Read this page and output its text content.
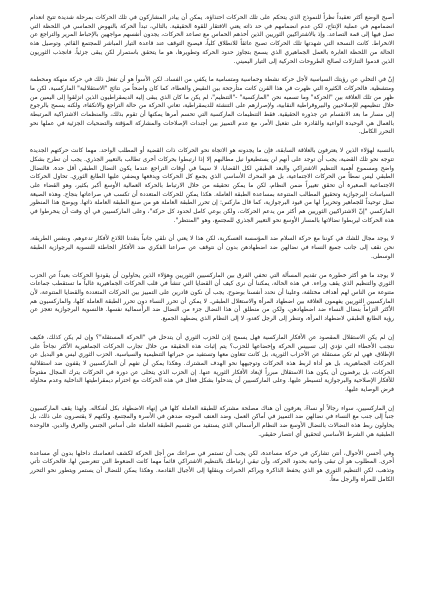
أصبح الوضع أكثر تعقيداً نظراً للنموذج الذي يتحكم على تلك الحركات احتذاؤه. يمكن أن يبادر المشاركون في تلك الحركات بمرحلة شديدة تتيح انعدام انضمامهم في عملية الإنتاج، لكن عدم انضمامهم في حد ذاته يعني الافتقار للقوة الحقيقية. بالتالي، تبدأ الحركة بالنهوض الحماسي في اللحظة التي تصل فيها إلى قمة التصاعد. وإذ بالاشتراكيين الثوريين الذين أخذهم الحماس مع تصاعد الحركات، يجدون أنفسهم مواجهين بالإحباط المرير والتراجع عن الانخراط. كانت النسخة التي شهدتها تلك الحركات تصبح عائقاً للانطلاق كلياً، فيصبح التوقف عند قاعدة التيار المباشر للمجتمع القائم. وتوصيل هذه الحالة من اللحظة العابرة بالعمل الجماهيري الذي يسمح بتجاوز حدود الحركة وتطويرها، هو ما يتحقق باستمرار لكن يبقى جزئياً. فانجذب الثوريون الذين قدموا التنازلات لصالح الطروحات الحركية إلى التيار اليميني.

إنّ في التخلي عن رؤيتك السياسية لأجل حركة نشطة وحماسية ومتسامية ما يكفي من الفساد. لكن الأسوأ هو أن تفعل ذلك في حركة منهكة ومحطمة ومتشظية. فالحركات الكثيرة التي ظهرت في هذا القرن كانت متأرجحة بين النقيض والعطاء، كما كان واضحاً من نتائج "الاستقلالية" الماركسية، لكن ما ظهر من تلك العلاقة بين "الحركة" وما تسميه نحن "الماركسية" -"التنظيم"، لم يكن ما كان الذي يبقى إليه الديمقراطيون الذين انزلقوا إلى اليمين من خلال تنظيمهم للإصلاحيين والبيروقراطية النقابية، ولإصرارهم على التنشئة للديمقراطية، تعاني الحركة من حالة التراجع والانكفاء، ولكنه يسمح بالرجوع إلى مسار ما بعد الانقسام عن جذوره الحقيقية. فقط التنظيمات الماركسية التي تحسم أمرها يمكنها أن تقوم بذلك، والمنظمات الاشتراكية المرتبطة بالعمال هي الوحيدة الواعية والقادرة على تفعيل الأمر، مع عدم التمييز بين أجندات الإصلاحات والمشاركة المؤقتة والتضحيات الجزئية في عملها نحو التحرر الكامل.

بالنسبة لهؤلاء الذين لا يعترفون بالعلاقة السابقة، فإن ما يجدونه هو الاتجاه نحو الحركات ذات القضية أو المطلب الواحد. مهما كانت حركتهم الجديدة تتوجه نحو تلك القضية، يجب أن توجد على أنهم لن يستطيعوا نيل مطالبهم إلا إذا ارتبطوا بحركات أخرى تطالب بالتغيير الجذري. يجب أن تطرح بشكل واضح ومسموع أهمية التنظيم الاشتراكي والبعد الطبقي لكل القضايا، لا سيما في أوقات التراجع عندما يكون النضال الطبقي أقل حدة. فالنضال الطبقي ليس نمطاً من الحركات الاجتماعية، بل هو المحرك الأساسي الذي يجمع كل الحركات ويدفعها ويضفي عليها الطابع الثوري. تحاول الحركات الاجتماعية الصغيرة أن تحقق تغييراً ضمن النظام، لكن ما يمكن تحقيقه من خلال الارتباط بالحركة العمالية الأوسع أكبر بكثير، وهو القضاء على السياسات البرجوازية وتحقيق المطالب المتنوعة بمساعدة الطبقة العاملة. هكذا يمكن للحركات المتعددة أن تكسب في صراعاتها بنجاح. وهذه الصيغة تمثل توحيداً للجماهير وتحريراً لها من قيود البرجوازية، كما قال ماركس: إن تحرر الطبقة العاملة هو من صنع الطبقة العاملة ذاتها. ويوضح هذا المنظور الماركسي "إنّ الاشتراكيين الثوريين هم أكثر من يدعم الحركات، ولكن بوعي كامل لحدود كل حركة"، وعلى الماركسيين في أي وقت أن ينخرطوا في هذه الحركات ليربطوا نضالاتها بالمسار الأوسع نحو التغيير الجذري للمجتمع، وهو "المنتظر".

لا يوجد مجال للشك في كوننا مع حركة السلام ضد المؤسسة العسكرية، لكن هذا لا يعني أن نلقي جانباً بنقدنا اللاذع لأفكار تدعوهم. وبنفس الطريقة، نحن نقف إلى جانب جميع النساء في نضالهن ضد اضطهادهن بدون أن نتوقف عن صراعنا الفكري ضد الأفكار الخاطئة للنسوية البرجوازية الطبقة الوسطى.

لا يوجد ما هو أكثر خطورة من تقديم المسألة التي تخفي الفرق بين الماركسيين الثوريين وهؤلاء الذين يحاولون أن يقودوا الحركات بعيداً عن الحزب الثوري والتنظيم الذي يقف وراءه. في هذه الحالة، يمكننا أن نرى كيف أن القضايا التي تنشأ في قلب الحركات الجماهيرية غالباً ما تستقطب جماعات متنوعة من الناس لهم أهداف مختلفة، وعلينا أن نحدد أنفسنا بوضوح. يجب أن نكون قادرين على التمييز بين الحركات المتعددة والقضايا المتنوعة، لأن الماركسيين الثوريين يفهمون العلاقة بين اضطهاد المرأة والاستغلال الطبقي. لا يمكن أن تحرر النساء دون تحرر الطبقة العاملة كلها، والماركسيون هم الأكثر التزاماً بنضال النساء ضد اضطهادهن، ولكن من منطلق أن هذا النضال جزء من النضال ضد الرأسمالية نفسها. فالنسوية البرجوازية تعجز عن رؤية الطابع الطبقي لاضطهاد المرأة، وتنظر إلى الرجل كعدو، لا إلى النظام الذي يضطهد الجميع.

إن لم يكن الاستقلال المقصود عن الأفكار الماركسية فهل يسمح إذن للحزب الثوري أن يتدخل في "الحركة المستقلة"؟ وإن لم يكن كذلك، فكيف نتجنب الأخطاء التي تؤدي إلى تسييس الحركة وإخضاعها للحزب؟ يتم إثبات هذه الحقيقة من خلال تجارب الحركات الجماهيرية الأكثر نجاحاً على الإطلاق، فهي لم تكن مستقلة عن الأحزاب الثورية، بل كانت تتعاون معها وتستفيد من خبراتها التنظيمية والسياسية. الحزب الثوري ليس هو البديل عن الحركات الجماهيرية، بل هو أداة لربط هذه الحركات وتوجيهها نحو الهدف المشترك. وهكذا يمكن أن نفهم أن الماركسيين لا يقفون ضد استقلالية الحركات، بل يرفضون أن يكون هذا الاستقلال مبرراً لإبعاد الأفكار الثورية عنها. إن الحزب الذي يتخلى عن دوره في الحركات يترك المجال مفتوحاً للأفكار الإصلاحية والبرجوازية لتسيطر عليها. وعلى الماركسيين أن يتدخلوا بشكل فعال في هذه الحركات مع احترام ديمقراطيتها الداخلية وعدم محاولة فرض الوصاية عليها.

إن الماركسيين، سواء رجالاً أو نساءً، يعرفون أن هناك مصلحة مشتركة للطبقة العاملة كلها في إنهاء الاضطهاد بكل أشكاله. ولهذا يقف الماركسيون جنباً إلى جنب مع النساء في نضالهن ضد التمييز في أماكن العمل، وضد العنف الموجه ضدهن في الأسرة والمجتمع. ولكنهم لا يقتصرون على ذلك، بل يحاولون ربط هذه النضالات بالنضال الأوسع ضد النظام الرأسمالي الذي يستفيد من تقسيم الطبقة العاملة على أساس الجنس والعرق والدين. فالوحدة الطبقية هي الشرط الأساسي لتحقيق أي انتصار حقيقي.

وفي أحسن الأحوال، أنتن تشاركن في حركة مساعدة، لكن يجب أن تستمر في صراعك من أجل الحركة لكشف انغماسك داخلها بدون أي مساعدة أخرى. المطلوب هو أن تبقى واعية بحدود الحركة، وأن تبقي ارتباطك بالتنظيم الاشتراكي قائماً مهما كانت الضغوط التي تتعرضين لها. فالحركات تأتي وتذهب، لكن التنظيم الثوري هو الذي يحفظ الذاكرة ويراكم الخبرات وينقلها إلى الأجيال القادمة. وهكذا يمكن للنضال أن يستمر ويتطور نحو التحرر الكامل للمرأة والرجل معاً.
